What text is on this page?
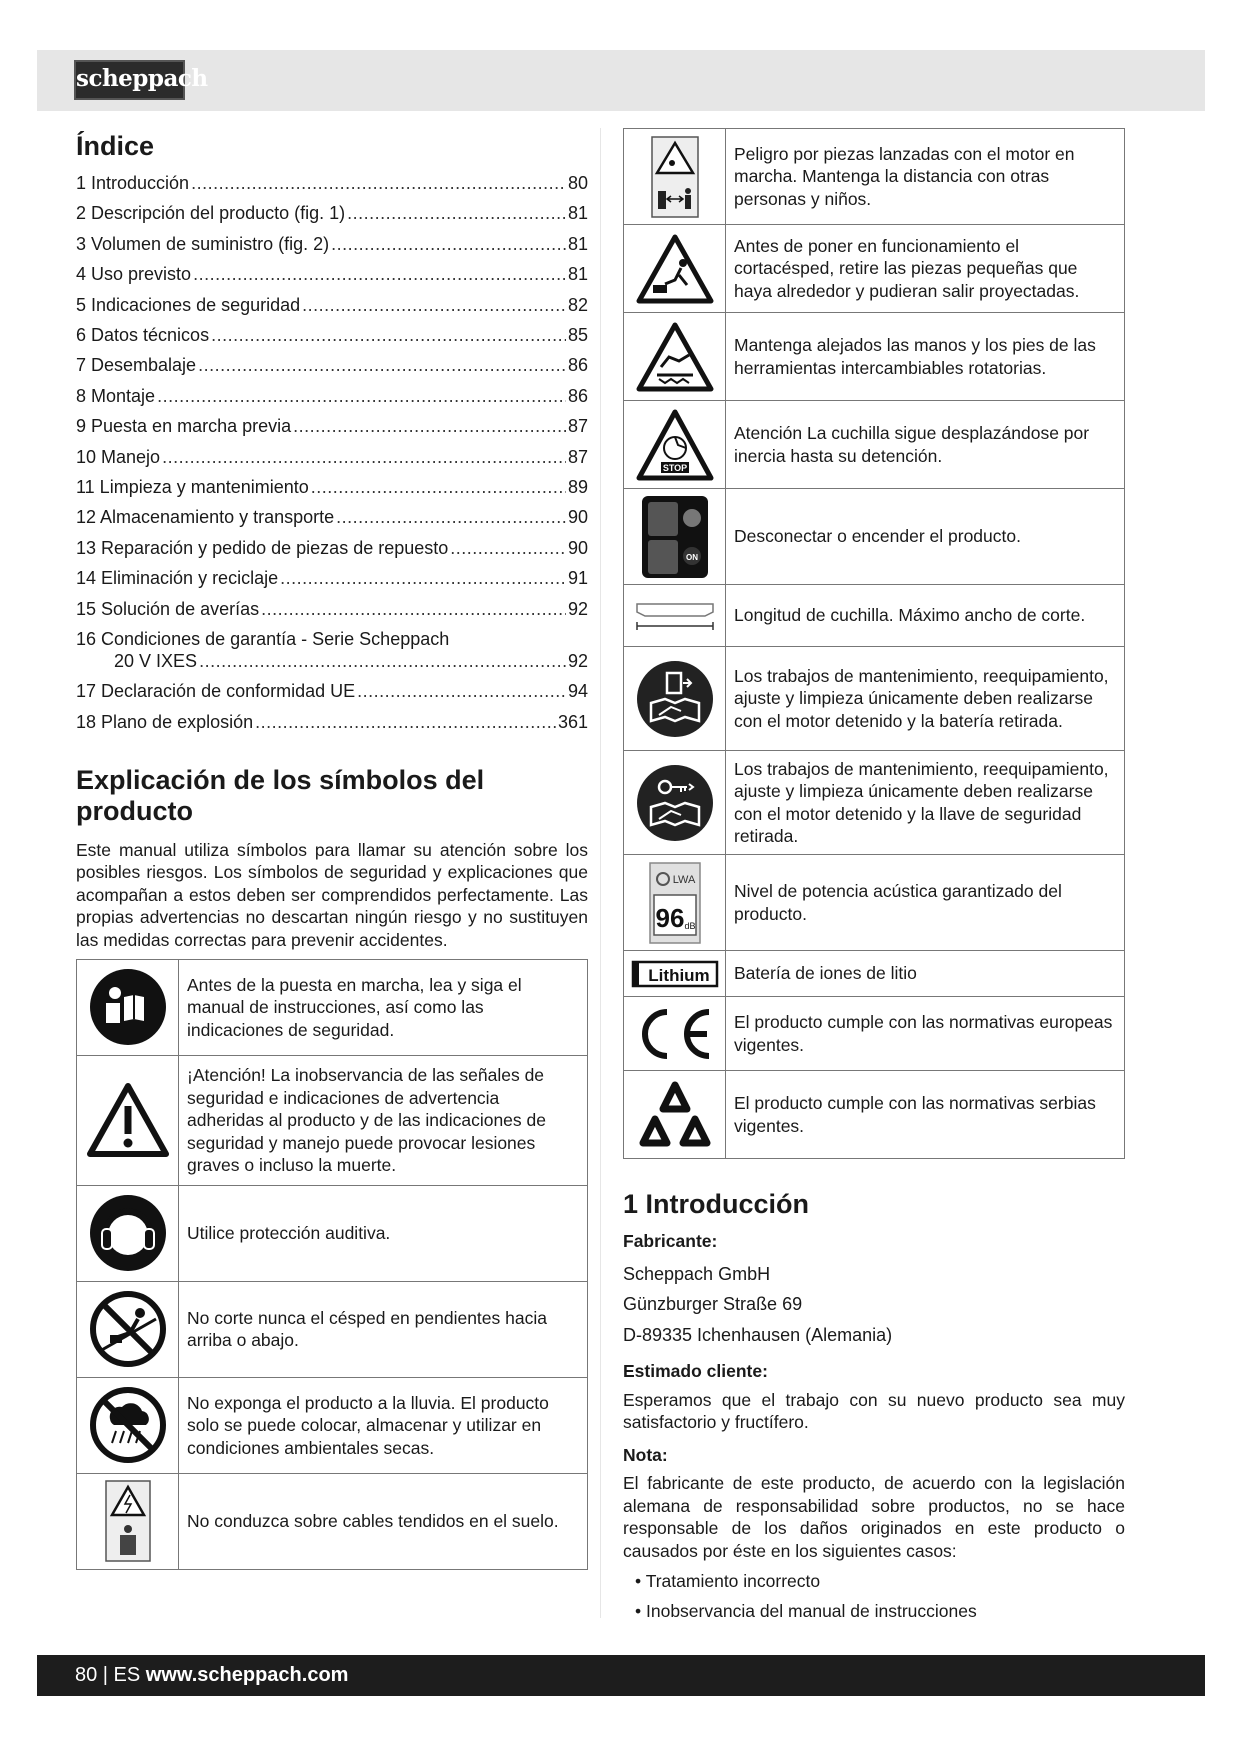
scheppach
Índice
1 Introducción .....	80
2 Descripción del producto (fig. 1) .....	81
3 Volumen de suministro (fig. 2) .....	81
4 Uso previsto .....	81
5 Indicaciones de seguridad .....	82
6 Datos técnicos .....	85
7 Desembalaje .....	86
8 Montaje .....	86
9 Puesta en marcha previa .....	87
10 Manejo .....	87
11 Limpieza y mantenimiento .....	89
12 Almacenamiento y transporte .....	90
13 Reparación y pedido de piezas de repuesto .....	90
14 Eliminación y reciclaje .....	91
15 Solución de averías .....	92
16 Condiciones de garantía - Serie Scheppach
20 V IXES .....	92
17 Declaración de conformidad UE .....	94
18 Plano de explosión .....	361
Explicación de los símbolos del producto

Este manual utiliza símbolos para llamar su atención sobre los posibles riesgos. Los símbolos de seguridad y explicaciones que acompañan a estos deben ser comprendidos perfectamente. Las propias advertencias no descartan ningún riesgo y no sustituyen las medidas correctas para prevenir accidentes.

	Antes de la puesta en marcha, lea y siga el manual de instrucciones, así como las indicaciones de seguridad.

	¡Atención! La inobservancia de las señales de seguridad e indicaciones de advertencia adheridas al producto y de las indicaciones de seguridad y manejo puede provocar lesiones graves o incluso la muerte.

	Utilice protección auditiva.

	No corte nunca el césped en pendientes hacia arriba o abajo.

	No exponga el producto a la lluvia. El producto solo se puede colocar, almacenar y utilizar en condiciones ambientales secas.

	No conduzca sobre cables tendidos en el suelo.
	Peligro por piezas lanzadas con el motor en marcha. Mantenga la distancia con otras personas y niños.

	Antes de poner en funcionamiento el cortacésped, retire las piezas pequeñas que haya alrededor y pudieran salir proyectadas.

	Mantenga alejados las manos y los pies de las herramientas intercambiables rotatorias.

STOP	Atención La cuchilla sigue desplazándose por inercia hasta su detención.

ON	Desconectar o encender el producto.

	Longitud de cuchilla. Máximo ancho de corte.

	Los trabajos de mantenimiento, reequipamiento, ajuste y limpieza únicamente deben realizarse con el motor detenido y la batería retirada.

	Los trabajos de mantenimiento, reequipamiento, ajuste y limpieza únicamente deben realizarse con el motor detenido y la llave de seguridad retirada.

LWA
96 dB	Nivel de potencia acústica garantizado del producto.

Lithium	Batería de iones de litio

	El producto cumple con las normativas europeas vigentes.

	El producto cumple con las normativas serbias vigentes.
1 Introducción

Fabricante:

Scheppach GmbH
Günzburger Straße 69
D-89335 Ichenhausen (Alemania)

Estimado cliente:

Esperamos que el trabajo con su nuevo producto sea muy satisfactorio y fructífero.

Nota:

El fabricante de este producto, de acuerdo con la legislación alemana de responsabilidad sobre productos, no se hace responsable de los daños originados en este producto o causados por éste en los siguientes casos:

• Tratamiento incorrecto
• Inobservancia del manual de instrucciones
80 | ES www.scheppach.com
